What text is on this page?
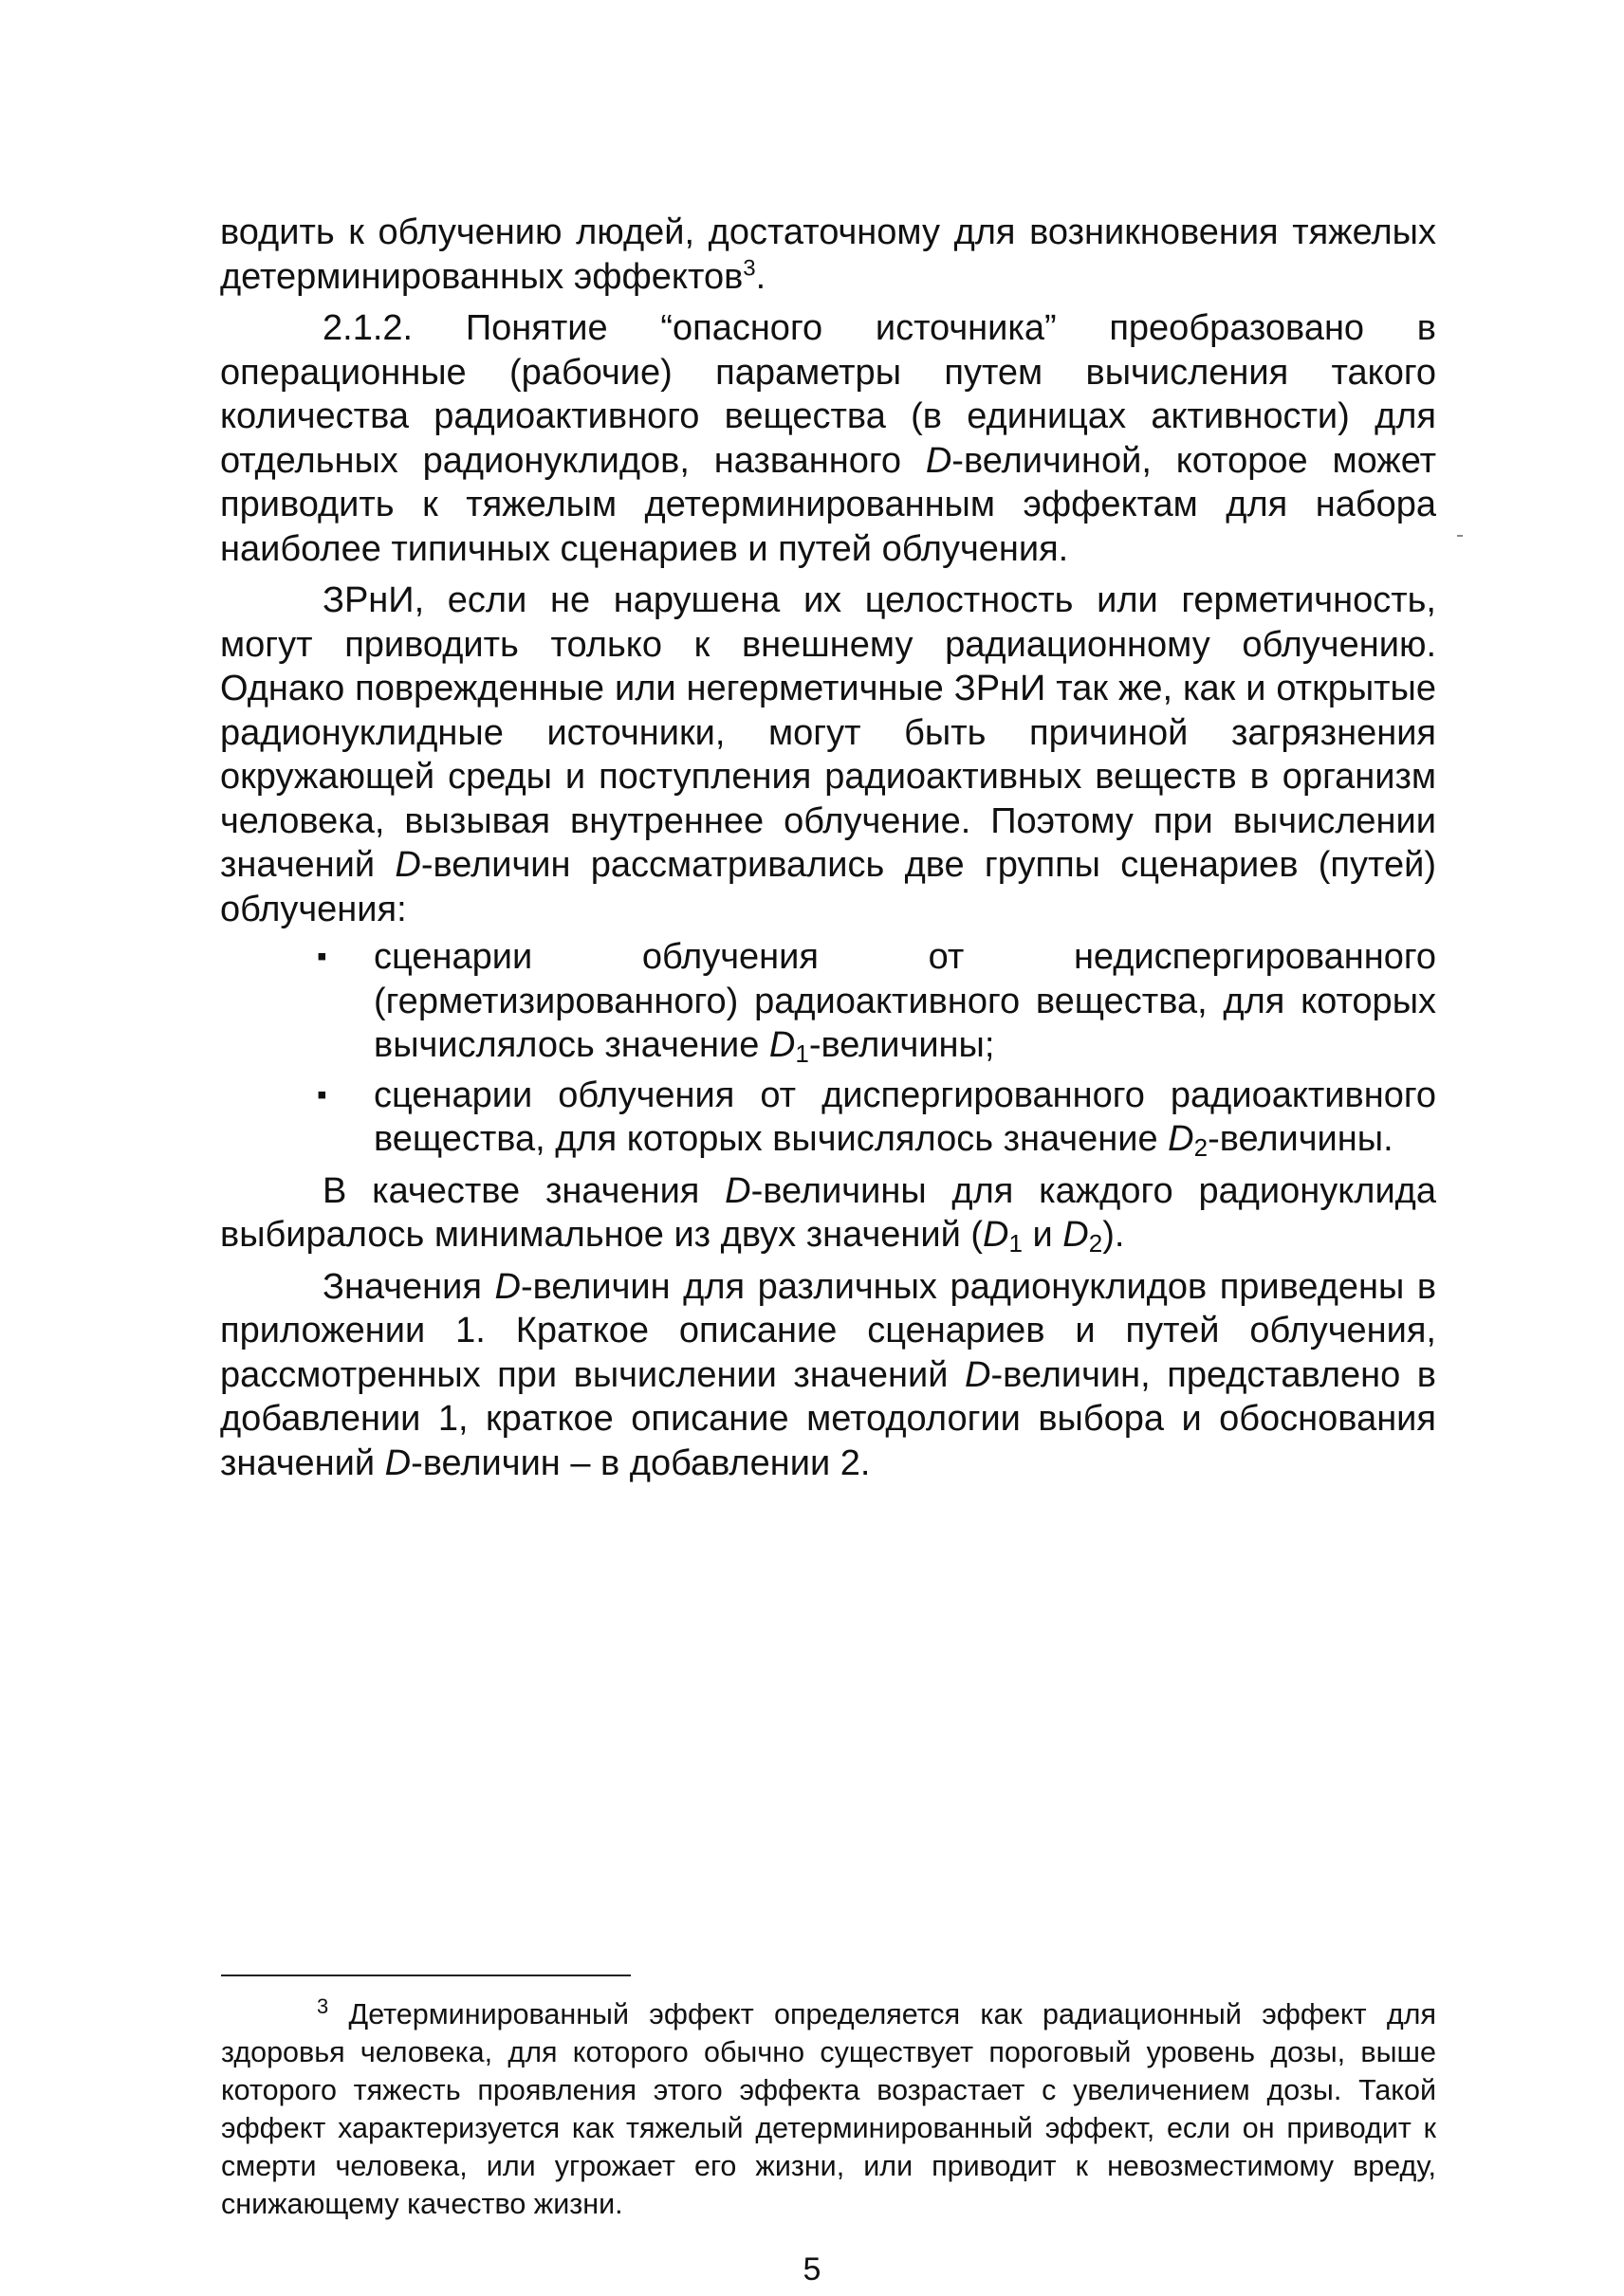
водить к облучению людей, достаточному для возникновения тяжелых детерминированных эффектов$^3$.

2.1.2. Понятие “опасного источника” преобразовано в операционные (рабочие) параметры путем вычисления такого количества радиоактивного вещества (в единицах активности) для отдельных радионуклидов, названного D-величиной, которое может приводить к тяжелым детерминированным эффектам для набора наиболее типичных сценариев и путей облучения.

ЗРнИ, если не нарушена их целостность или герметичность, могут приводить только к внешнему радиационному облучению. Однако поврежденные или негерметичные ЗРнИ так же, как и открытые радионуклидные источники, могут быть причиной загрязнения окружающей среды и поступления радиоактивных веществ в организм человека, вызывая внутреннее облучение. Поэтому при вычислении значений D-величин рассматривались две группы сценариев (путей) облучения:

▪ сценарии облучения от недиспергированного (герметизированного) радиоактивного вещества, для которых вычислялось значение $D_1$-величины;
▪ сценарии облучения от диспергированного радиоактивного вещества, для которых вычислялось значение $D_2$-величины.

В качестве значения D-величины для каждого радионуклида выбиралось минимальное из двух значений ($D_1$ и $D_2$).

Значения D-величин для различных радионуклидов приведены в приложении 1. Краткое описание сценариев и путей облучения, рассмотренных при вычислении значений D-величин, представлено в добавлении 1, краткое описание методологии выбора и обоснования значений D-величин – в добавлении 2.

$^3$ Детерминированный эффект определяется как радиационный эффект для здоровья человека, для которого обычно существует пороговый уровень дозы, выше которого тяжесть проявления этого эффекта возрастает с увеличением дозы. Такой эффект характеризуется как тяжелый детерминированный эффект, если он приводит к смерти человека, или угрожает его жизни, или приводит к невозместимому вреду, снижающему качество жизни.
5
